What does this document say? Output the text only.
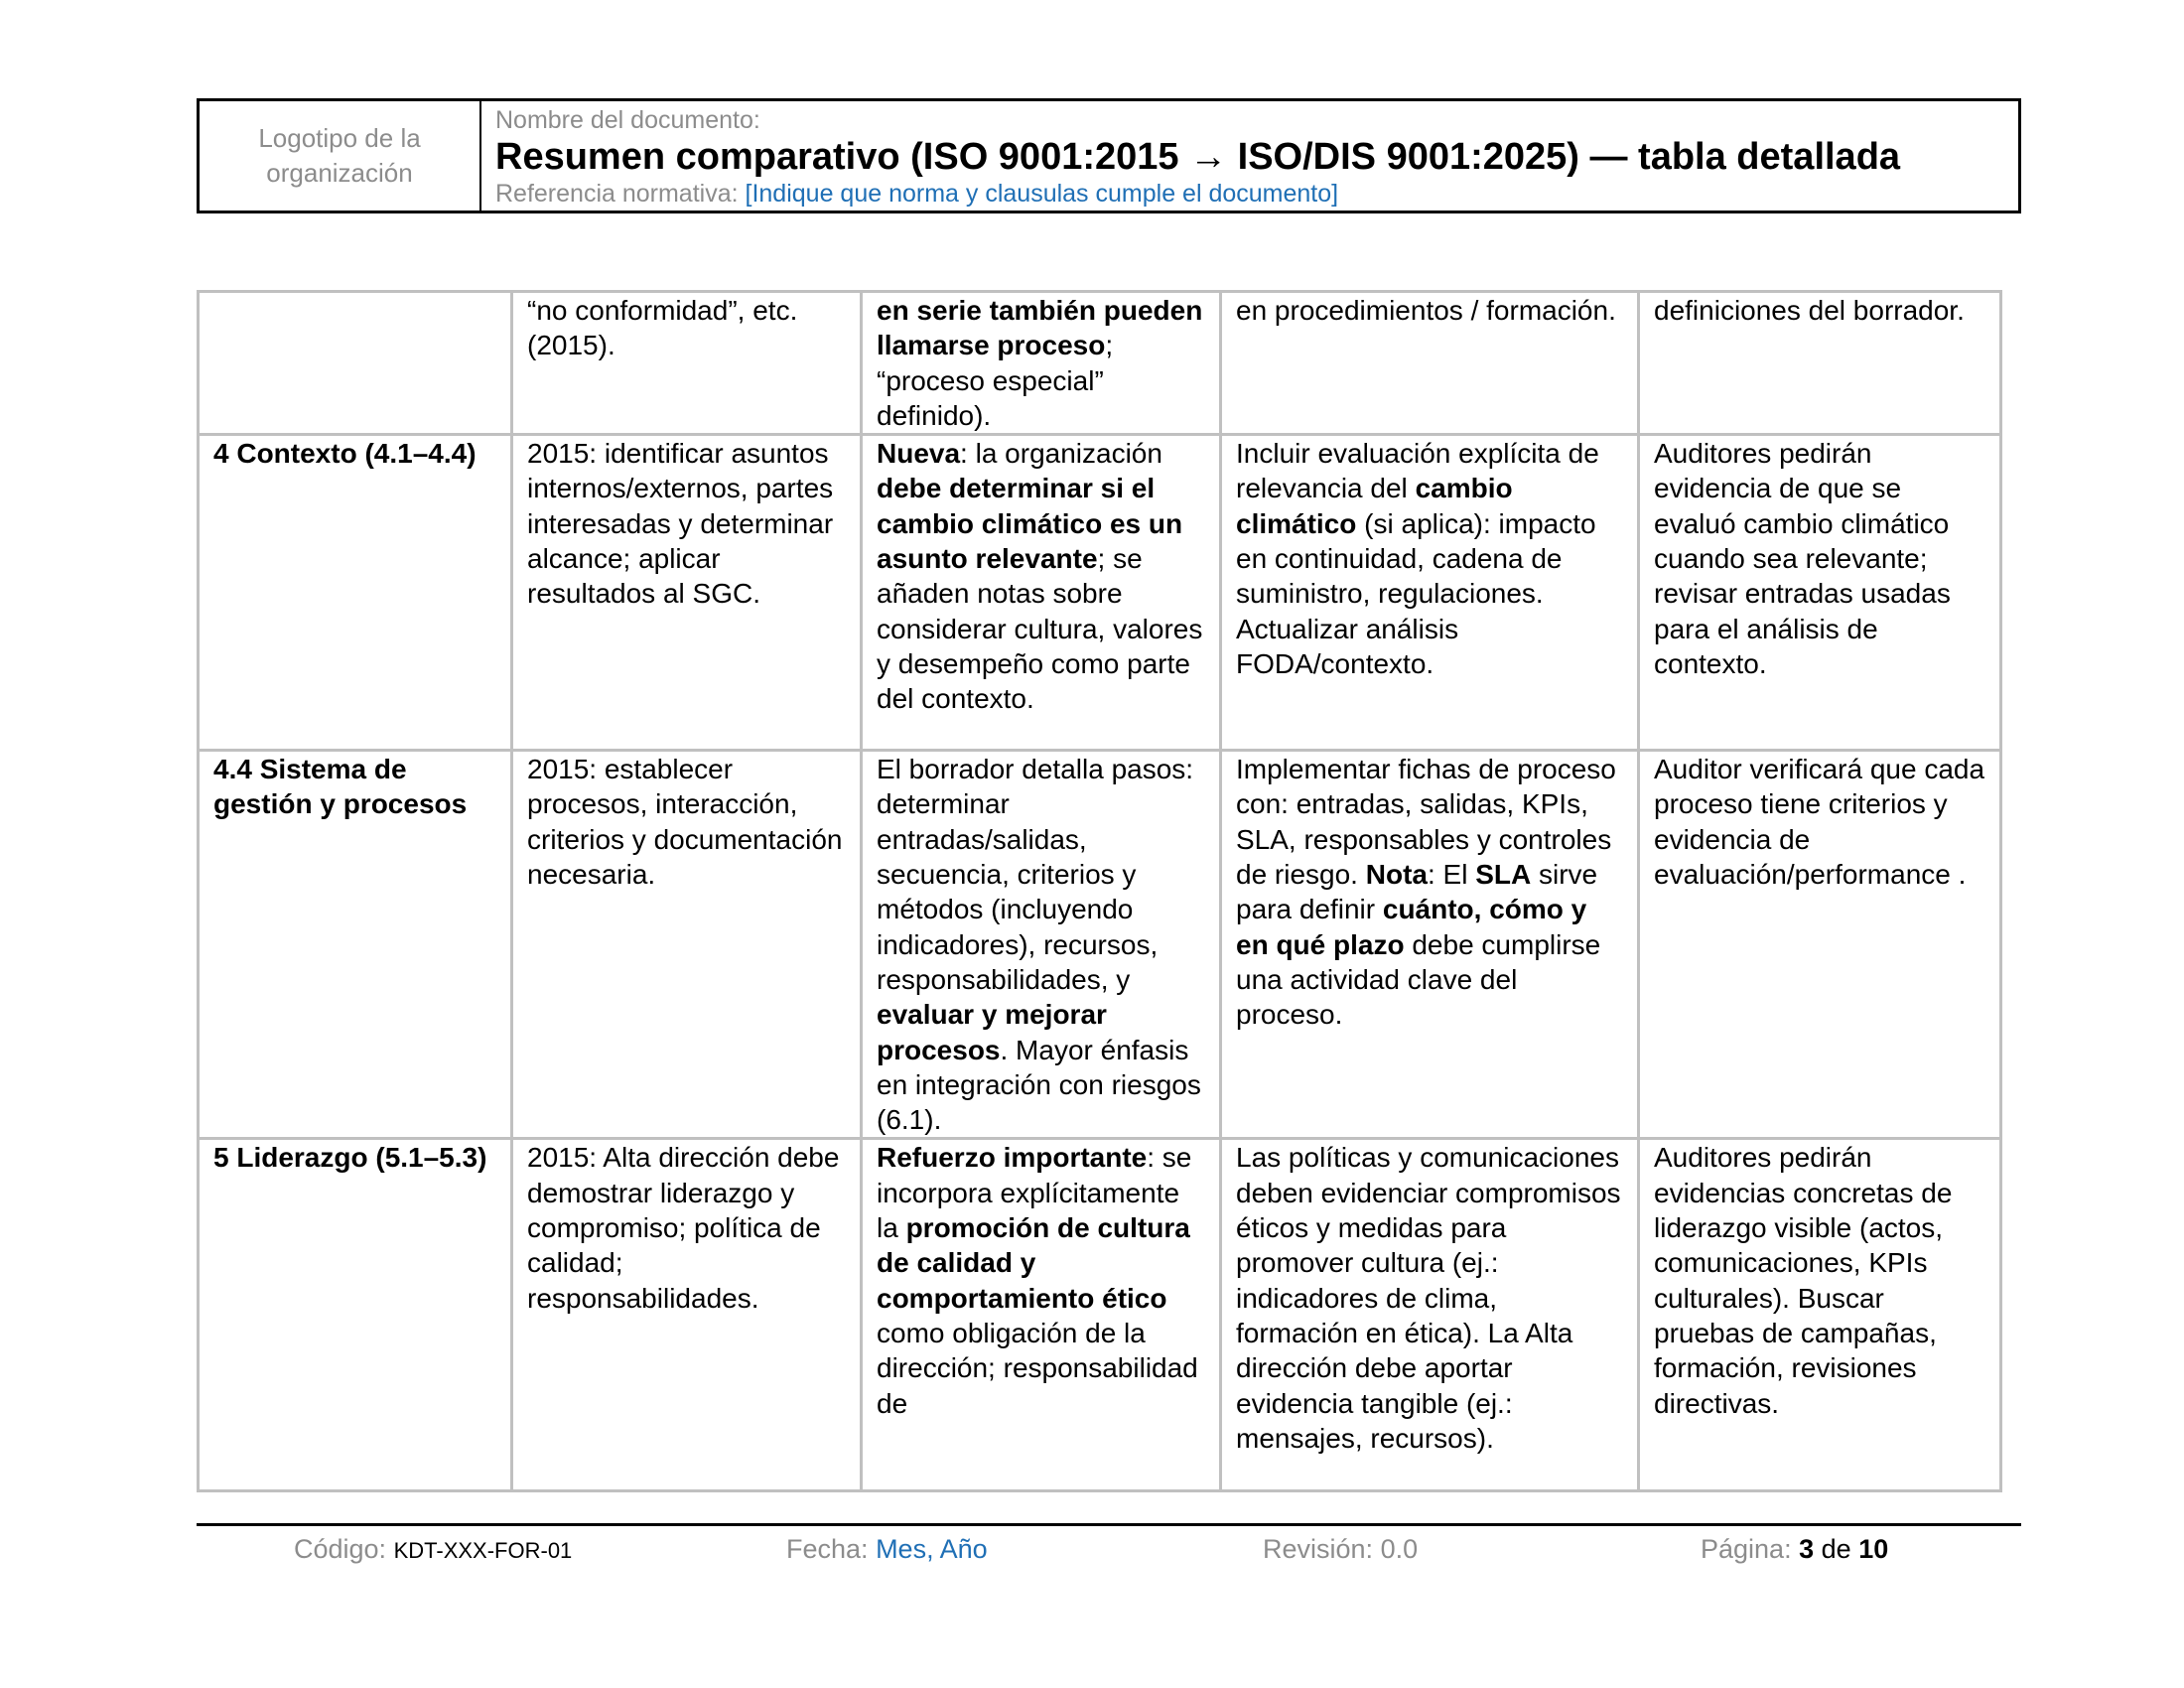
Logotipo de la
organización
Nombre del documento:
Resumen comparativo (ISO 9001:2015 → ISO/DIS 9001:2025) — tabla detallada
Referencia normativa: [Indique que norma y clausulas cumple el documento]
	“no conformidad”, etc. (2015).	en serie también pueden llamarse proceso; “proceso especial” definido).	en procedimientos / formación.	definiciones del borrador.
4 Contexto (4.1–4.4)	2015: identificar asuntos internos/externos, partes interesadas y determinar alcance; aplicar resultados al SGC.	Nueva: la organización debe determinar si el cambio climático es un asunto relevante; se añaden notas sobre considerar cultura, valores y desempeño como parte del contexto.	Incluir evaluación explícita de relevancia del cambio climático (si aplica): impacto en continuidad, cadena de suministro, regulaciones. Actualizar análisis FODA/contexto.	Auditores pedirán evidencia de que se evaluó cambio climático cuando sea relevante; revisar entradas usadas para el análisis de contexto.
4.4 Sistema de gestión y procesos	2015: establecer procesos, interacción, criterios y documentación necesaria.	El borrador detalla pasos: determinar entradas/salidas, secuencia, criterios y métodos (incluyendo indicadores), recursos, responsabilidades, y evaluar y mejorar procesos. Mayor énfasis en integración con riesgos (6.1).	Implementar fichas de proceso con: entradas, salidas, KPIs, SLA, responsables y controles de riesgo. Nota: El SLA sirve para definir cuánto, cómo y en qué plazo debe cumplirse una actividad clave del proceso.	Auditor verificará que cada proceso tiene criterios y evidencia de evaluación/performance .
5 Liderazgo (5.1–5.3)	2015: Alta dirección debe demostrar liderazgo y compromiso; política de calidad; responsabilidades.	Refuerzo importante: se incorpora explícitamente la promoción de cultura de calidad y comportamiento ético como obligación de la dirección; responsabilidad de	Las políticas y comunicaciones deben evidenciar compromisos éticos y medidas para promover cultura (ej.: indicadores de clima, formación en ética). La Alta dirección debe aportar evidencia tangible (ej.: mensajes, recursos).	Auditores pedirán evidencias concretas de liderazgo visible (actos, comunicaciones, KPIs culturales). Buscar pruebas de campañas, formación, revisiones directivas.
Código: KDT-XXX-FOR-01	Fecha: Mes, Año	Revisión: 0.0	Página: 3 de 10
